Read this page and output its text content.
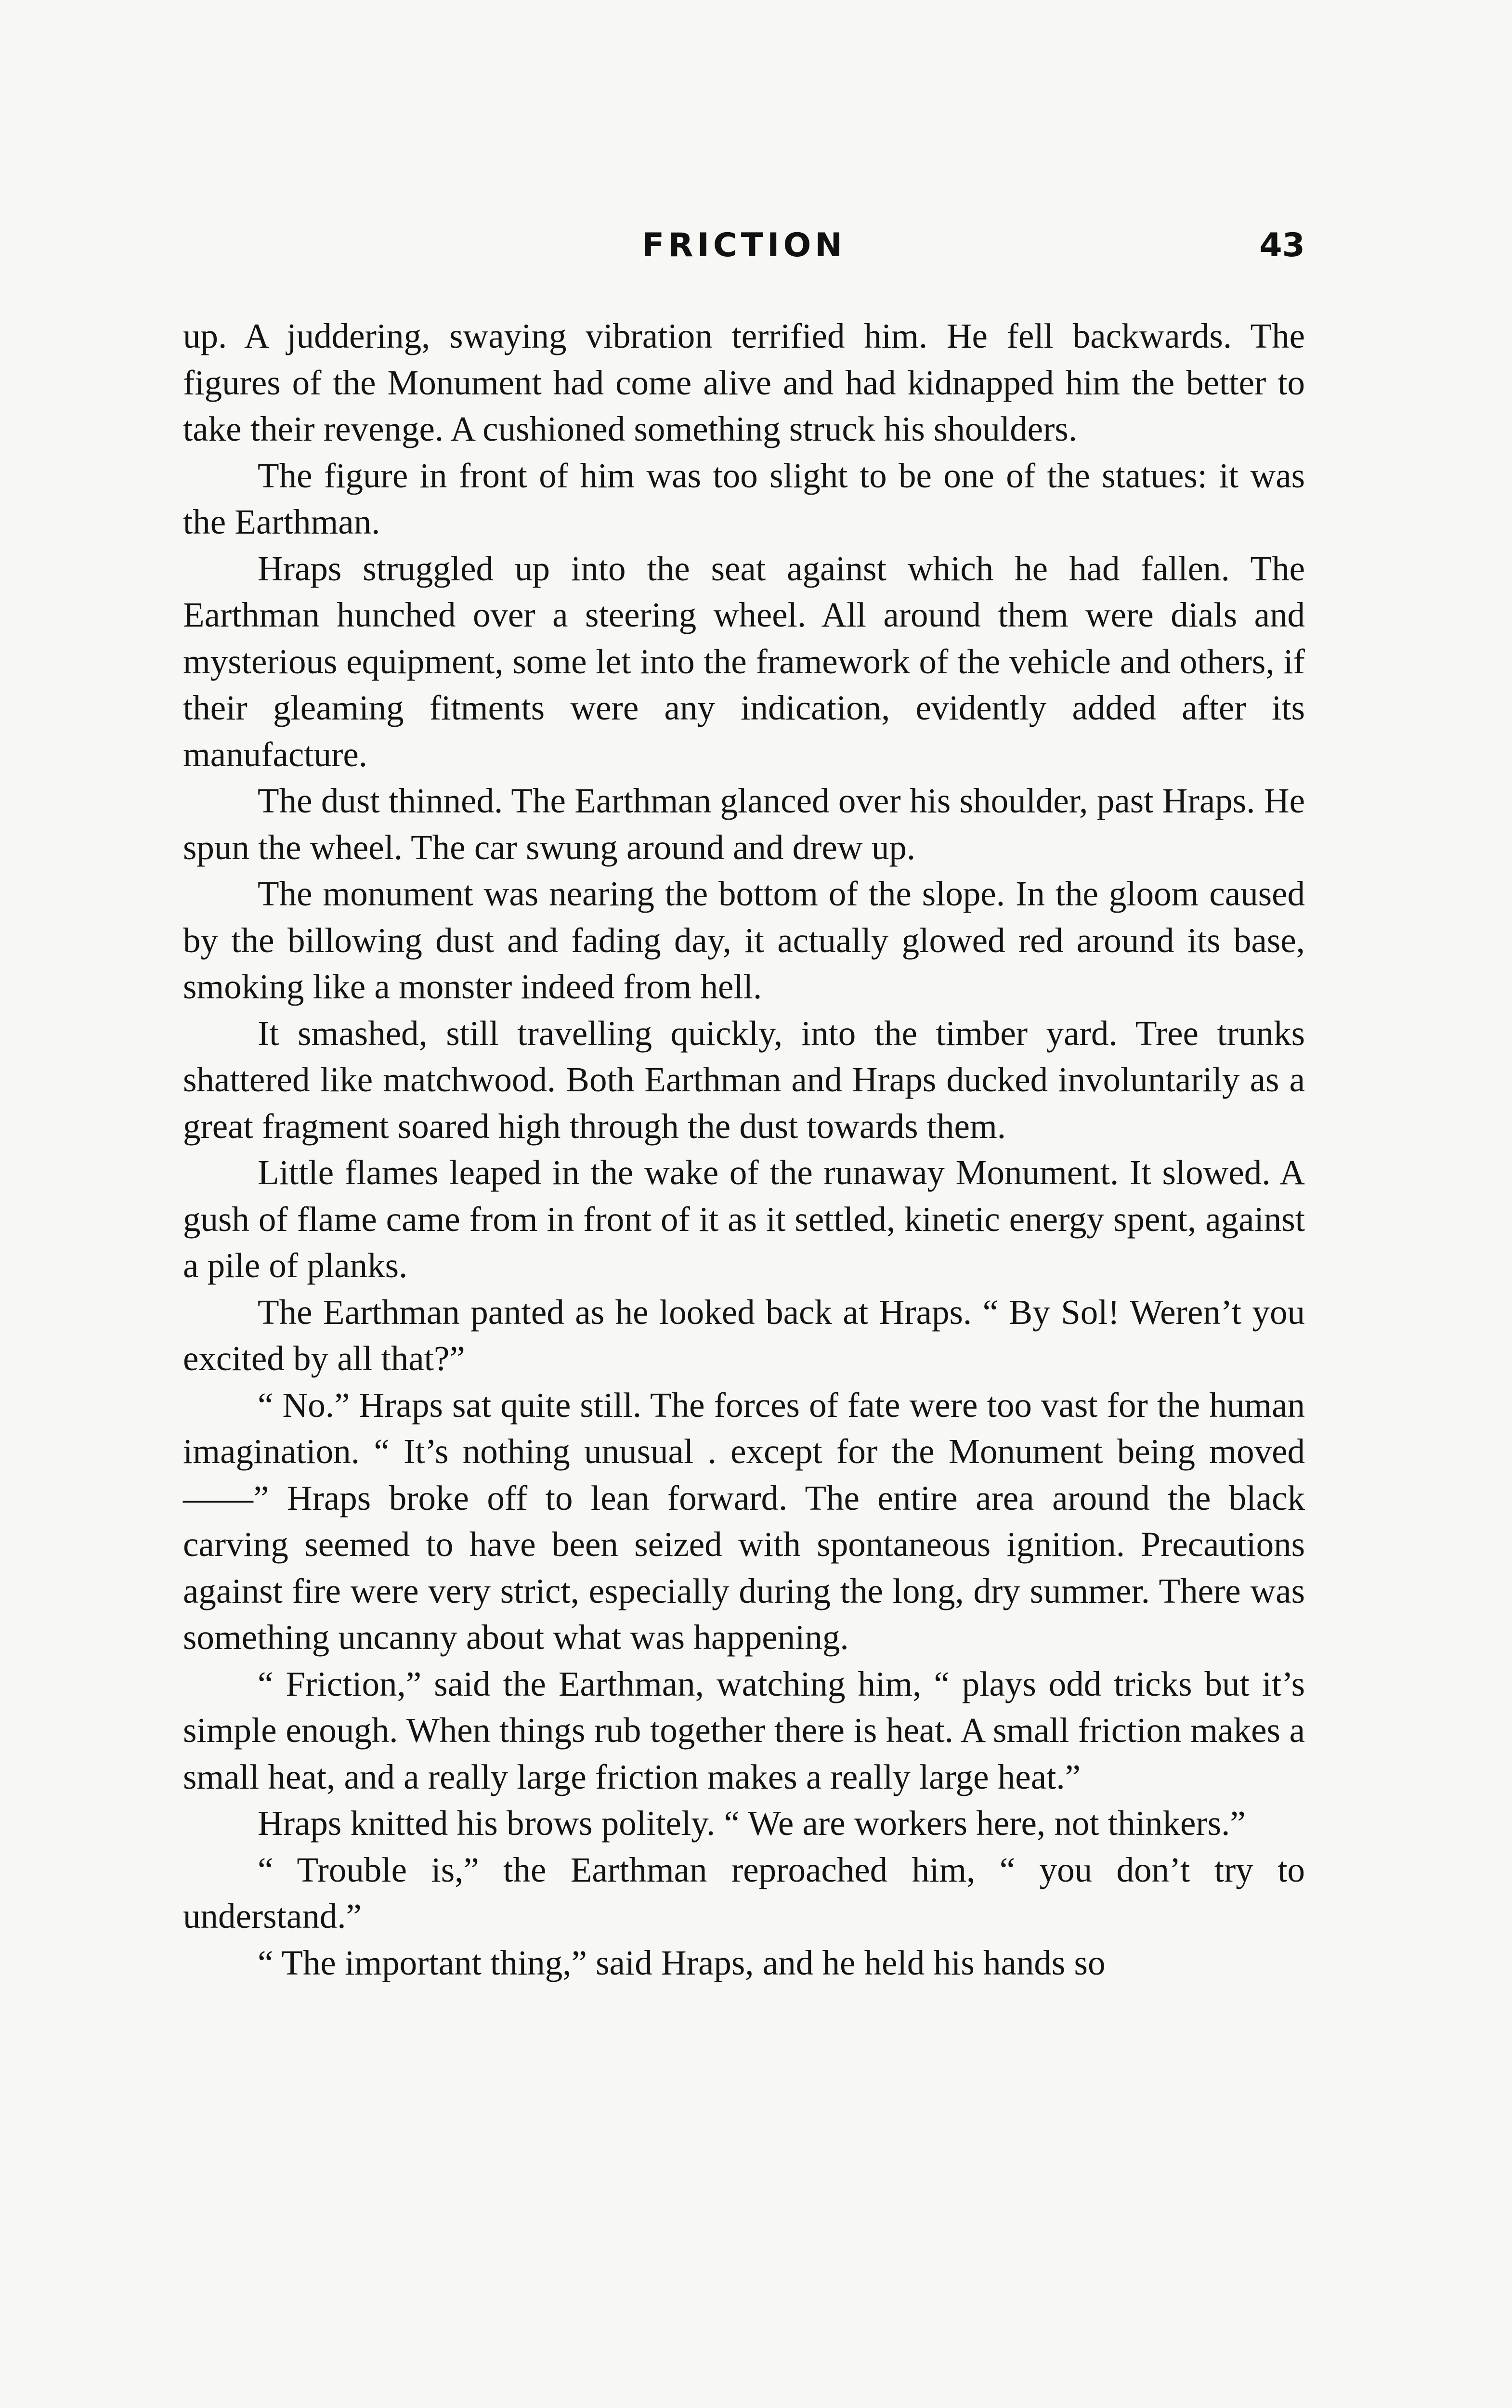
FRICTION	43

up. A juddering, swaying vibration terrified him. He fell backwards. The figures of the Monument had come alive and had kidnapped him the better to take their revenge. A cushioned something struck his shoulders.

The figure in front of him was too slight to be one of the statues: it was the Earthman.

Hraps struggled up into the seat against which he had fallen. The Earthman hunched over a steering wheel. All around them were dials and mysterious equipment, some let into the framework of the vehicle and others, if their gleaming fitments were any indication, evidently added after its manufacture.

The dust thinned. The Earthman glanced over his shoulder, past Hraps. He spun the wheel. The car swung around and drew up.

The monument was nearing the bottom of the slope. In the gloom caused by the billowing dust and fading day, it actually glowed red around its base, smoking like a monster indeed from hell.

It smashed, still travelling quickly, into the timber yard. Tree trunks shattered like matchwood. Both Earthman and Hraps ducked involuntarily as a great fragment soared high through the dust towards them.

Little flames leaped in the wake of the runaway Monument. It slowed. A gush of flame came from in front of it as it settled, kinetic energy spent, against a pile of planks.

The Earthman panted as he looked back at Hraps. “ By Sol! Weren’t you excited by all that?”

“ No.” Hraps sat quite still. The forces of fate were too vast for the human imagination. “ It’s nothing unusual . except for the Monument being moved——” Hraps broke off to lean forward. The entire area around the black carving seemed to have been seized with spontaneous ignition. Precautions against fire were very strict, especially during the long, dry summer. There was something uncanny about what was happening.

“ Friction,” said the Earthman, watching him, “ plays odd tricks but it’s simple enough. When things rub together there is heat. A small friction makes a small heat, and a really large friction makes a really large heat.”

Hraps knitted his brows politely. “ We are workers here, not thinkers.”

“ Trouble is,” the Earthman reproached him, “ you don’t try to understand.”

“ The important thing,” said Hraps, and he held his hands so
